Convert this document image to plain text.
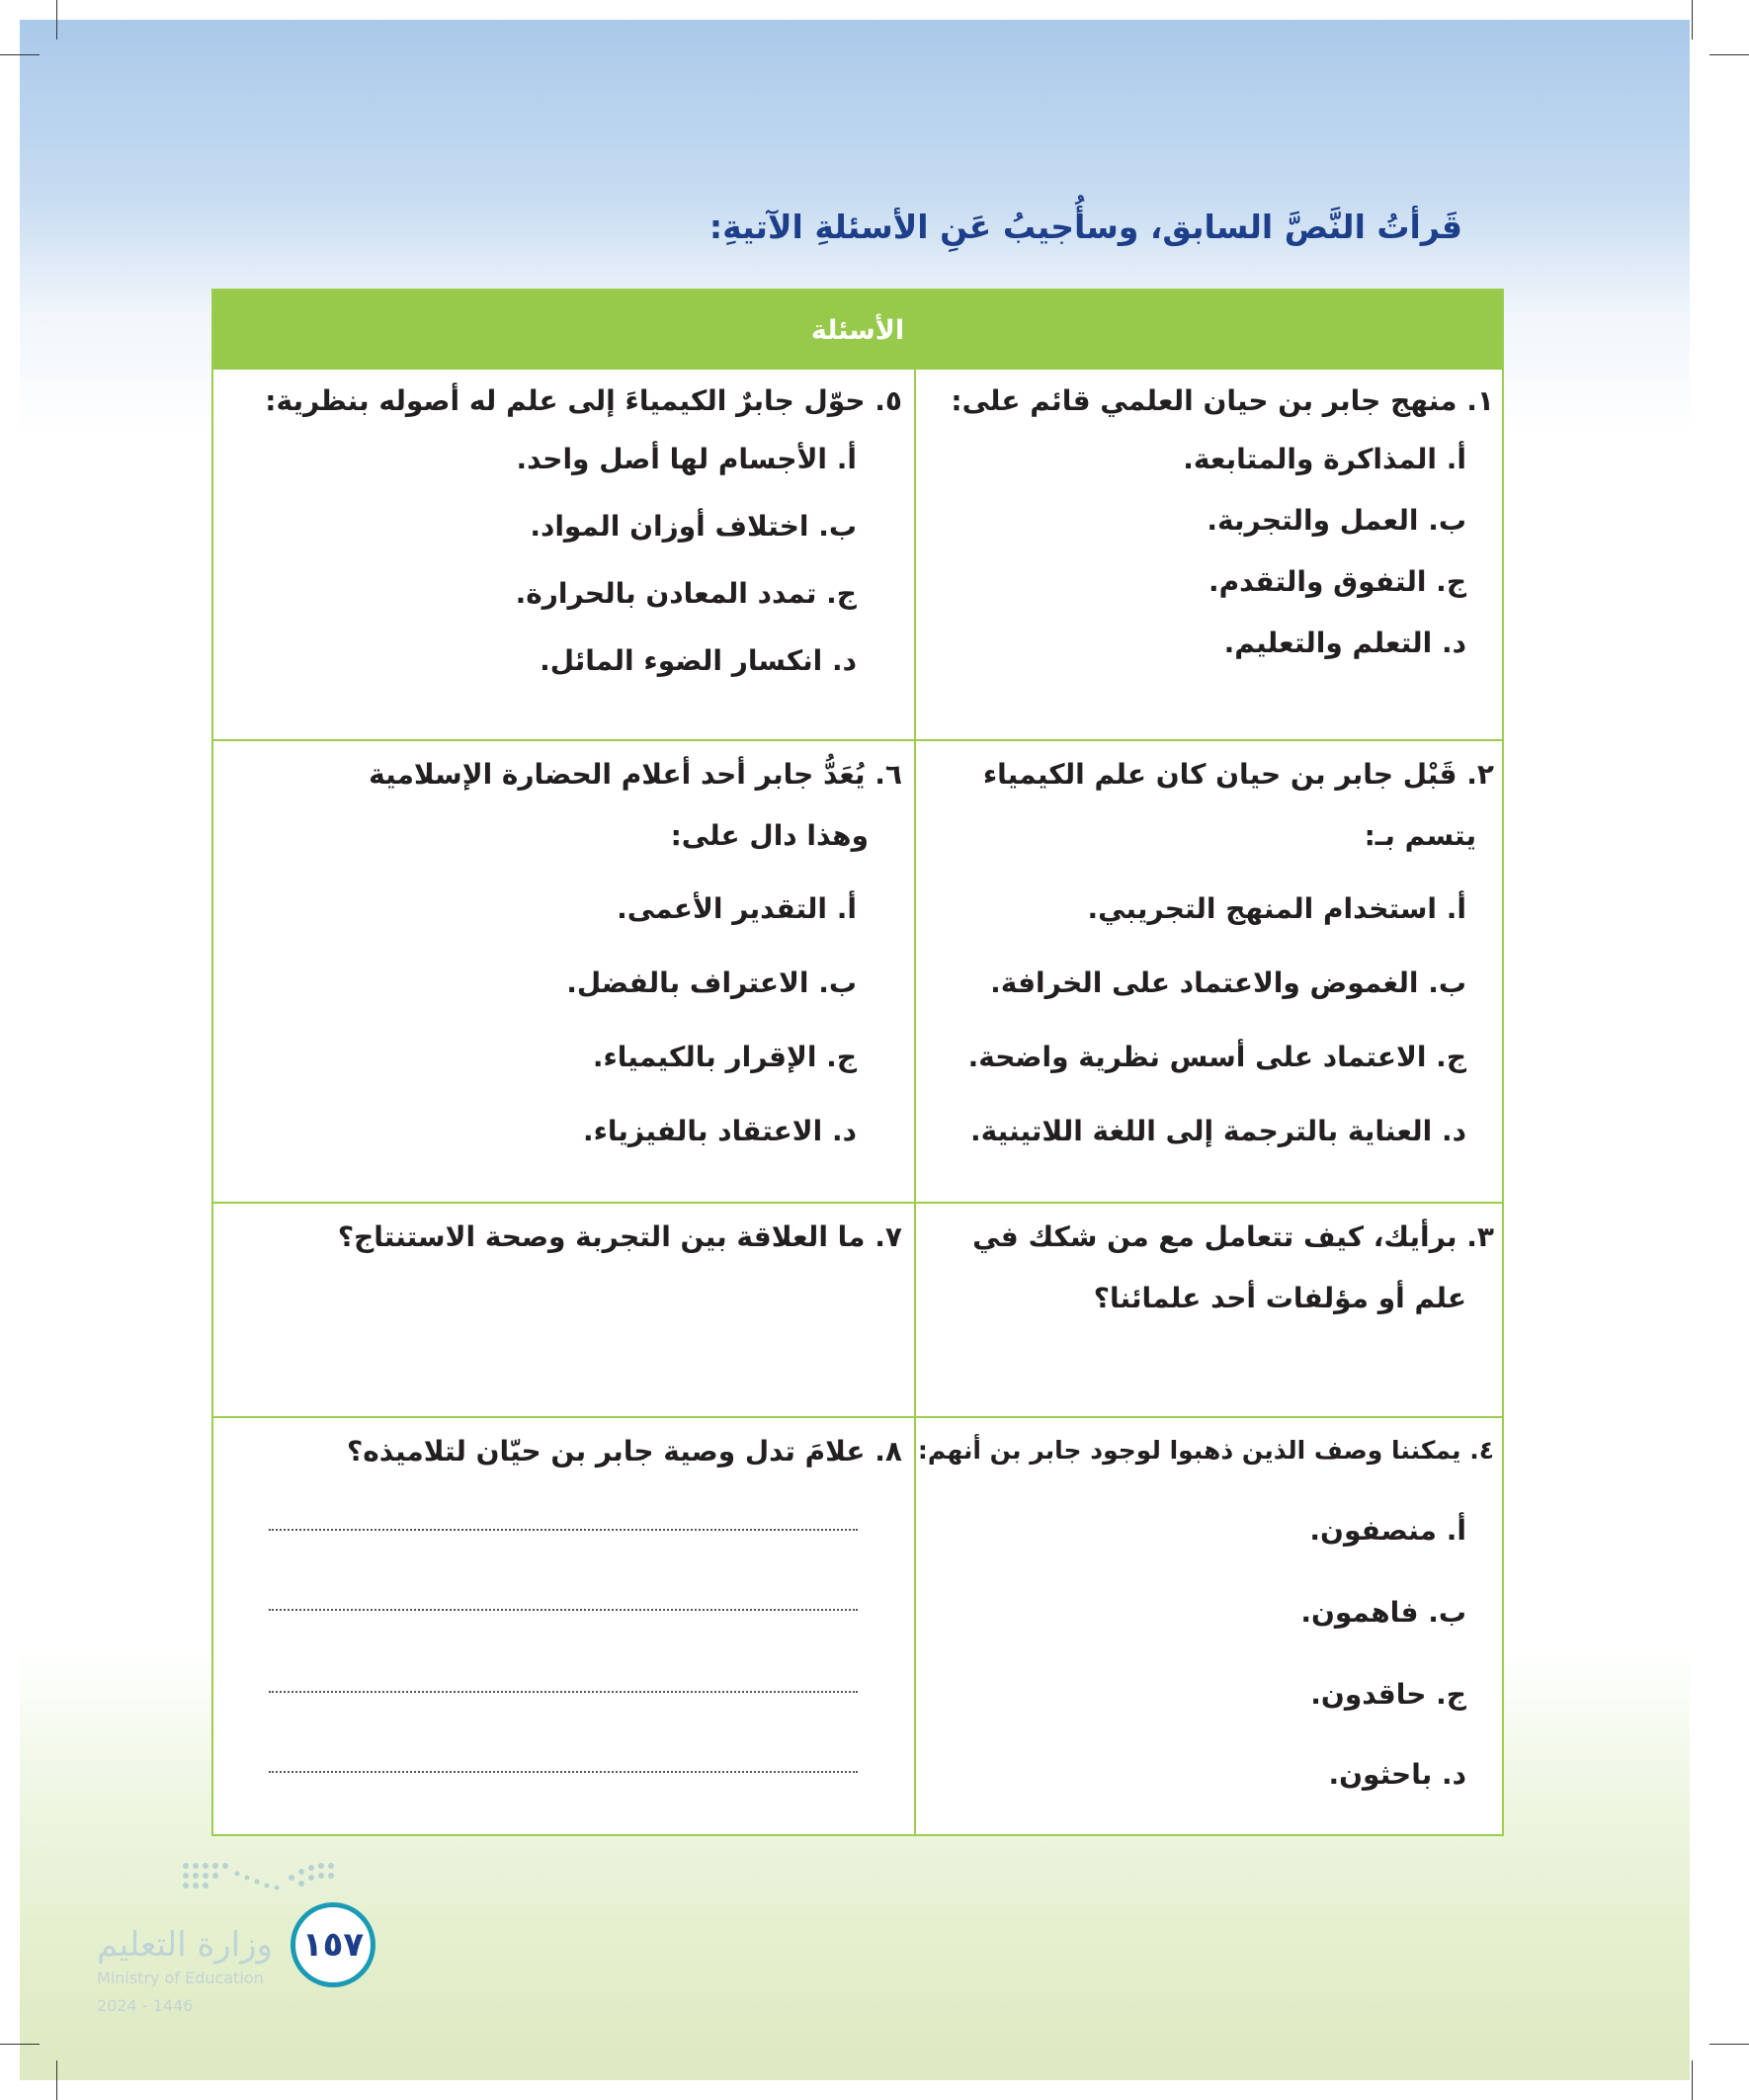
قَرأتُ النَّصَّ السابق، وسأُجيبُ عَنِ الأسئلةِ الآتيةِ:
الأسئلة
١. منهج جابر بن حيان العلمي قائم على:
أ. المذاكرة والمتابعة.
ب. العمل والتجربة.
ج. التفوق والتقدم.
د. التعلم والتعليم.
٢. قَبْل جابر بن حيان كان علم الكيمياء
يتسم بـ:
أ. استخدام المنهج التجريبي.
ب. الغموض والاعتماد على الخرافة.
ج. الاعتماد على أسس نظرية واضحة.
د. العناية بالترجمة إلى اللغة اللاتينية.
٣. برأيك، كيف تتعامل مع من شكك في
علم أو مؤلفات أحد علمائنا؟
٤. يمكننا وصف الذين ذهبوا لوجود جابر بن أنهم:
أ. منصفون.
ب. فاهمون.
ج. حاقدون.
د. باحثون.
٥. حوّل جابرٌ الكيمياءَ إلى علم له أصوله بنظرية:
أ. الأجسام لها أصل واحد.
ب. اختلاف أوزان المواد.
ج. تمدد المعادن بالحرارة.
د. انكسار الضوء المائل.
٦. يُعَدُّ جابر أحد أعلام الحضارة الإسلامية
وهذا دال على:
أ. التقدير الأعمى.
ب. الاعتراف بالفضل.
ج. الإقرار بالكيمياء.
د. الاعتقاد بالفيزياء.
٧. ما العلاقة بين التجربة وصحة الاستنتاج؟
٨. علامَ تدل وصية جابر بن حيّان لتلاميذه؟
وزارة التعليم
Ministry of Education
2024 - 1446
١٥٧
